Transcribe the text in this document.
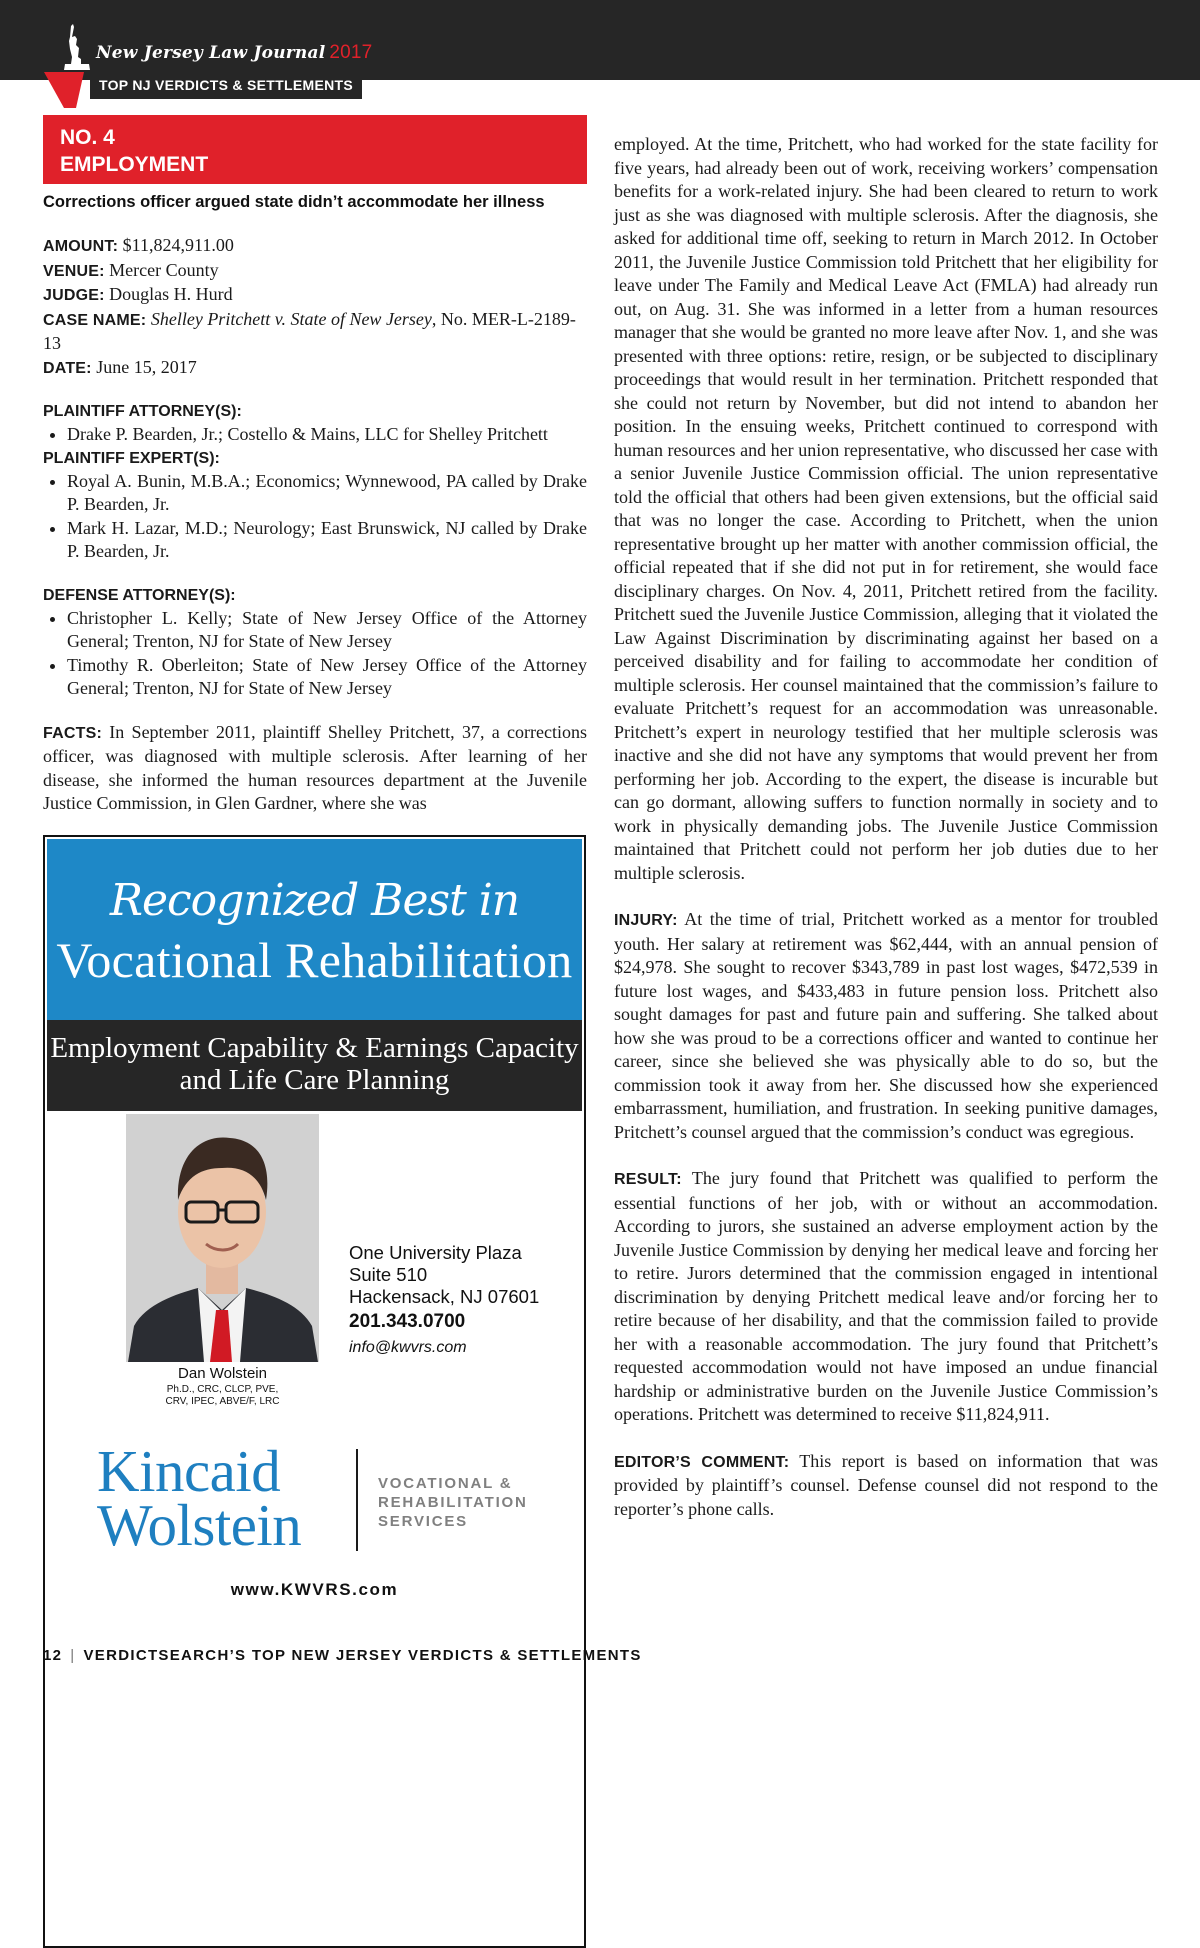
New Jersey Law Journal 2017
TOP NJ VERDICTS & SETTLEMENTS
NO. 4
EMPLOYMENT
Corrections officer argued state didn’t accommodate her illness

AMOUNT: $11,824,911.00

VENUE: Mercer County

JUDGE: Douglas H. Hurd

CASE NAME: Shelley Pritchett v. State of New Jersey, No. MER-L-2189-13

DATE: June 15, 2017

PLAINTIFF ATTORNEY(S):

• Drake P. Bearden, Jr.; Costello & Mains, LLC for Shelley Pritchett

PLAINTIFF EXPERT(S):

• Royal A. Bunin, M.B.A.; Economics; Wynnewood, PA called by Drake P. Bearden, Jr.
• Mark H. Lazar, M.D.; Neurology; East Brunswick, NJ called by Drake P. Bearden, Jr.

DEFENSE ATTORNEY(S):

• Christopher L. Kelly; State of New Jersey Office of the Attorney General; Trenton, NJ for State of New Jersey
• Timothy R. Oberleiton; State of New Jersey Office of the Attorney General; Trenton, NJ for State of New Jersey

FACTS: In September 2011, plaintiff Shelley Pritchett, 37, a corrections officer, was diagnosed with multiple sclerosis. After learning of her disease, she informed the human resources department at the Juvenile Justice Commission, in Glen Gardner, where she was

Recognized Best in
Vocational Rehabilitation
Employment Capability & Earnings Capacity
and Life Care Planning
Dan Wolstein
Ph.D., CRC, CLCP, PVE,
CRV, IPEC, ABVE/F, LRC
One University Plaza
Suite 510
Hackensack, NJ 07601
201.343.0700
info@kwvrs.com
Kincaid
Wolstein
VOCATIONAL &
REHABILITATION
SERVICES
www.KWVRS.com

employed. At the time, Pritchett, who had worked for the state facility for five years, had already been out of work, receiving workers’ compensation benefits for a work-related injury. She had been cleared to return to work just as she was diagnosed with multiple sclerosis. After the diagnosis, she asked for additional time off, seeking to return in March 2012. In October 2011, the Juvenile Justice Commission told Pritchett that her eligibility for leave under The Family and Medical Leave Act (FMLA) had already run out, on Aug. 31. She was informed in a letter from a human resources manager that she would be granted no more leave after Nov. 1, and she was presented with three options: retire, resign, or be subjected to disciplinary proceedings that would result in her termination. Pritchett responded that she could not return by November, but did not intend to abandon her position. In the ensuing weeks, Pritchett continued to correspond with human resources and her union representative, who discussed her case with a senior Juvenile Justice Commission official. The union representative told the official that others had been given extensions, but the official said that was no longer the case. According to Pritchett, when the union representative brought up her matter with another commission official, the official repeated that if she did not put in for retirement, she would face disciplinary charges. On Nov. 4, 2011, Pritchett retired from the facility. Pritchett sued the Juvenile Justice Commission, alleging that it violated the Law Against Discrimination by discriminating against her based on a perceived disability and for failing to accommodate her condition of multiple sclerosis. Her counsel maintained that the commission’s failure to evaluate Pritchett’s request for an accommodation was unreasonable. Pritchett’s expert in neurology testified that her multiple sclerosis was inactive and she did not have any symptoms that would prevent her from performing her job. According to the expert, the disease is incurable but can go dormant, allowing suffers to function normally in society and to work in physically demanding jobs. The Juvenile Justice Commission maintained that Pritchett could not perform her job duties due to her multiple sclerosis.

INJURY: At the time of trial, Pritchett worked as a mentor for troubled youth. Her salary at retirement was $62,444, with an annual pension of $24,978. She sought to recover $343,789 in past lost wages, $472,539 in future lost wages, and $433,483 in future pension loss. Pritchett also sought damages for past and future pain and suffering. She talked about how she was proud to be a corrections officer and wanted to continue her career, since she believed she was physically able to do so, but the commission took it away from her. She discussed how she experienced embarrassment, humiliation, and frustration. In seeking punitive damages, Pritchett’s counsel argued that the commission’s conduct was egregious.

RESULT: The jury found that Pritchett was qualified to perform the essential functions of her job, with or without an accommodation. According to jurors, she sustained an adverse employment action by the Juvenile Justice Commission by denying her medical leave and forcing her to retire. Jurors determined that the commission engaged in intentional discrimination by denying Pritchett medical leave and/or forcing her to retire because of her disability, and that the commission failed to provide her with a reasonable accommodation. The jury found that Pritchett’s requested accommodation would not have imposed an undue financial hardship or administrative burden on the Juvenile Justice Commission’s operations. Pritchett was determined to receive $11,824,911.

EDITOR’S COMMENT: This report is based on information that was provided by plaintiff’s counsel. Defense counsel did not respond to the reporter’s phone calls.

12 | VERDICTSEARCH’S TOP NEW JERSEY VERDICTS & SETTLEMENTS
